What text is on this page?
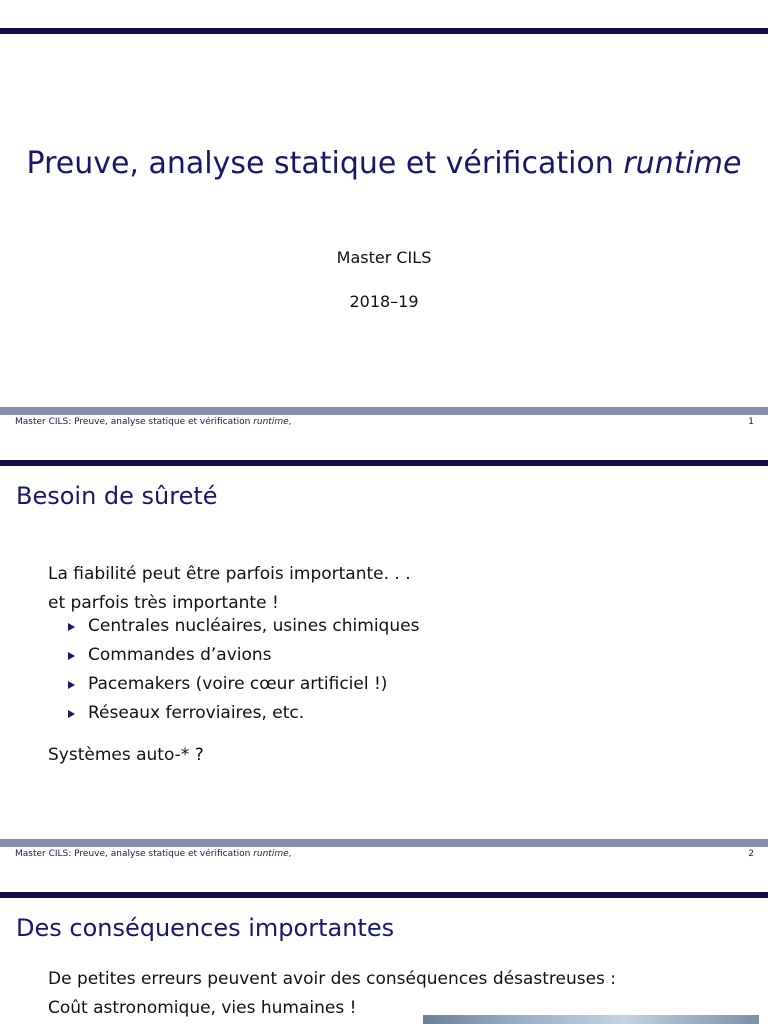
Preuve, analyse statique et vérification runtime
Master CILS
2018–19
Master CILS: Preuve, analyse statique et vérification runtime,	1
Besoin de sûreté
La fiabilité peut être parfois importante. . .
et parfois très importante !
Centrales nucléaires, usines chimiques
Commandes d’avions
Pacemakers (voire cœur artificiel !)
Réseaux ferroviaires, etc.
Systèmes auto-* ?
Master CILS: Preuve, analyse statique et vérification runtime,	2
Des conséquences importantes
De petites erreurs peuvent avoir des conséquences désastreuses :
Coût astronomique, vies humaines !
